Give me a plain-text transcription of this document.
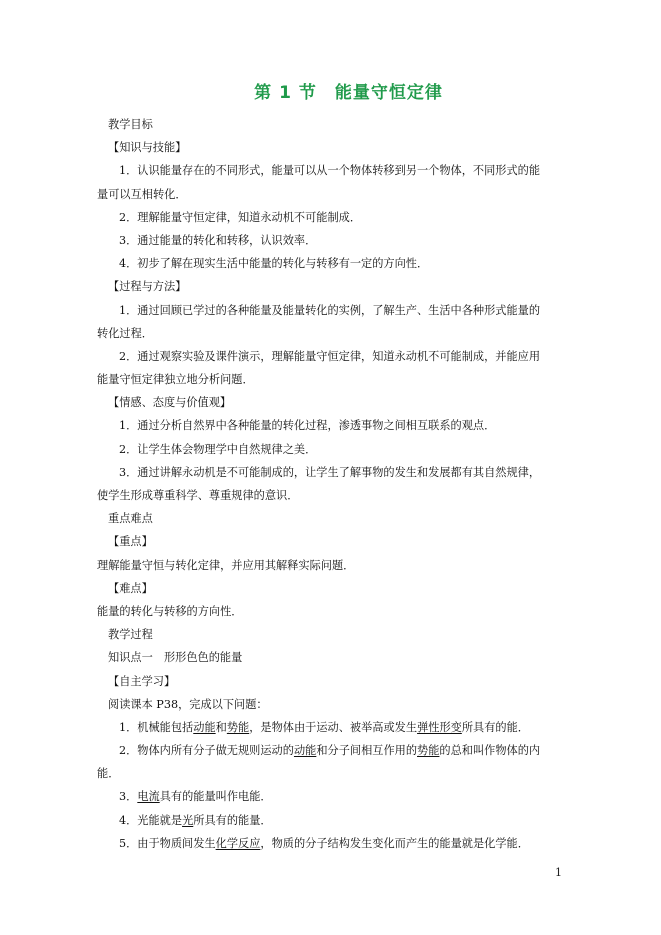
第 1 节　能量守恒定律
教学目标
【知识与技能】
1．认识能量存在的不同形式，能量可以从一个物体转移到另一个物体，不同形式的能
量可以互相转化．
2．理解能量守恒定律，知道永动机不可能制成．
3．通过能量的转化和转移，认识效率．
4．初步了解在现实生活中能量的转化与转移有一定的方向性．
【过程与方法】
1．通过回顾已学过的各种能量及能量转化的实例，了解生产、生活中各种形式能量的
转化过程．
2．通过观察实验及课件演示，理解能量守恒定律，知道永动机不可能制成，并能应用
能量守恒定律独立地分析问题．
【情感、态度与价值观】
1．通过分析自然界中各种能量的转化过程，渗透事物之间相互联系的观点．
2．让学生体会物理学中自然规律之美．
3．通过讲解永动机是不可能制成的，让学生了解事物的发生和发展都有其自然规律，
使学生形成尊重科学、尊重规律的意识．
重点难点
【重点】
理解能量守恒与转化定律，并应用其解释实际问题．
【难点】
能量的转化与转移的方向性．
教学过程
知识点一　形形色色的能量
【自主学习】
阅读课本 P38，完成以下问题：
1．机械能包括动能和势能，是物体由于运动、被举高或发生弹性形变所具有的能．
2．物体内所有分子做无规则运动的动能和分子间相互作用的势能的总和叫作物体的内
能．
3．电流具有的能量叫作电能．
4．光能就是光所具有的能量．
5．由于物质间发生化学反应，物质的分子结构发生变化而产生的能量就是化学能．
1
